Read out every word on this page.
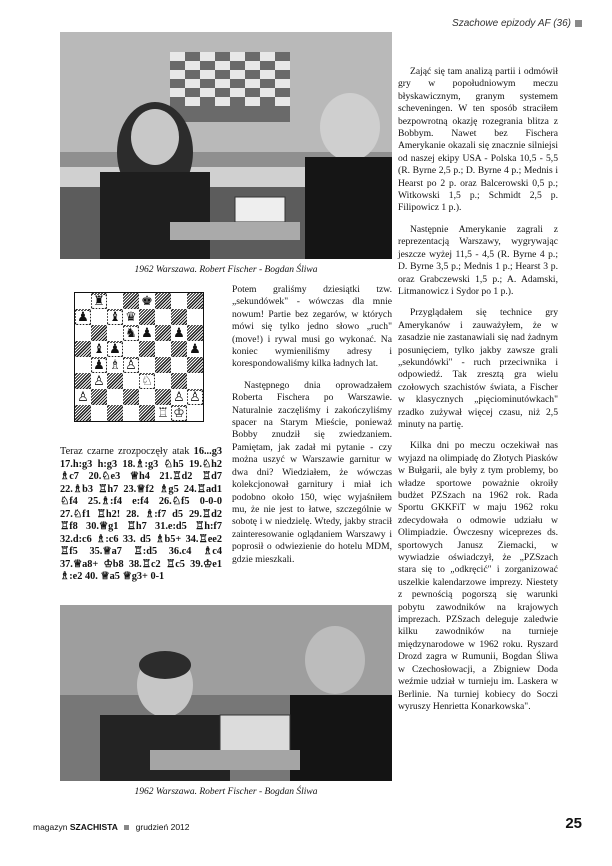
Szachowe epizody AF (36)
Fot. Stefan Wroński
1962 Warszawa. Robert Fischer - Bogdan Śliwa
♜	♚
♟ ♝ ♛
♞ ♟ ♟
♝ ♟	♟
♟ ♗ ♙
♙	♘
♙	♙ ♙
♖ ♔
Teraz czarne zrozpoczęły atak 16...g3 17.h:g3 h:g3 18.♗:g3 ♘h5 19.♘h2 ♗c7 20.♘e3 ♕h4 21.♖d2 ♖d7 22.♗b3 ♖h7 23.♕f2 ♗g5 24.♖ad1 ♘f4 25.♗:f4 e:f4 26.♘f5 0-0-0 27.♘f1 ♖h2! 28. ♗:f7 d5 29.♖d2 ♖f8 30.♕g1 ♖h7 31.e:d5 ♖h:f7 32.d:c6 ♗:c6 33. d5 ♗b5+ 34.♖ee2 ♖f5 35.♕a7 ♖:d5 36.c4 ♗c4 37.♕a8+ ♔b8 38.♖c2 ♖c5 39.♔e1 ♗:e2 40. ♕a5 ♕g3+ 0-1

Potem graliśmy dziesiątki tzw. „sekundówek" - wówczas dla mnie nowum! Partie bez zegarów, w których mówi się tylko jedno słowo „ruch" (move!) i rywal musi go wykonać. Na koniec wymieniliśmy adresy i korespondowaliśmy kilka ładnych lat.

Następnego dnia oprowadzałem Roberta Fischera po Warszawie. Naturalnie zaczęliśmy i zakończyliśmy spacer na Starym Mieście, ponieważ Bobby znudził się zwiedzaniem. Pamiętam, jak zadał mi pytanie - czy można uszyć w Warszawie garnitur w dwa dni? Wiedziałem, że wówczas kolekcjonował garnitury i miał ich podobno około 150, więc wyjaśniłem mu, że nie jest to łatwe, szczególnie w sobotę i w niedzielę. Wtedy, jakby stracił zainteresowanie oglądaniem Warszawy i poprosił o odwiezienie do hotelu MDM, gdzie mieszkali.

1962 Warszawa. Robert Fischer - Bogdan Śliwa

Zająć się tam analizą partii i odmówił gry w popołudniowym meczu błyskawicznym, granym systemem scheveningen. W ten sposób straciłem bezpowrotną okazję rozegrania blitza z Bobbym. Nawet bez Fischera Amerykanie okazali się znacznie silniejsi od naszej ekipy USA - Polska 10,5 - 5,5 (R. Byrne 2,5 p.; D. Byrne 4 p.; Mednis i Hearst po 2 p. oraz Balcerowski 0,5 p.; Witkowski 1,5 p.; Schmidt 2,5 p. Filipowicz 1 p.).

Następnie Amerykanie zagrali z reprezentacją Warszawy, wygrywając jeszcze wyżej 11,5 - 4,5 (R. Byrne 4 p.; D. Byrne 3,5 p.; Mednis 1 p.; Hearst 3 p. oraz Grabczewski 1,5 p.; A. Adamski, Litmanowicz i Sydor po 1 p.).

Przyglądałem się technice gry Amerykanów i zauważyłem, że w zasadzie nie zastanawiali się nad żadnym posunięciem, tylko jakby zawsze grali „sekundówki" - ruch przeciwnika i odpowiedź. Tak zresztą gra wielu czołowych szachistów świata, a Fischer w klasycznych „pięciominutówkach" rzadko zużywał więcej czasu, niż 2,5 minuty na partię.

Kilka dni po meczu oczekiwał nas wyjazd na olimpiadę do Złotych Piasków w Bułgarii, ale były z tym problemy, bo władze sportowe poważnie okroiły budżet PZSzach na 1962 rok. Rada Sportu GKKFiT w maju 1962 roku zdecydowała o odmowie udziału w Olimpiadzie. Ówczesny wiceprezes ds. sportowych Janusz Ziemacki, w wywiadzie oświadczył, że „PZSzach stara się to „odkręcić" i zorganizować uszelkie kalendarzowe imprezy. Niestety z pewnością pogorszą się warunki pobytu zawodników na krajowych imprezach. PZSzach deleguje zaledwie kilku zawodników na turnieje międzynarodowe w 1962 roku. Ryszard Drozd zagra w Rumunii, Bogdan Śliwa w Czechosłowacji, a Zbigniew Doda weźmie udział w turnieju im. Laskera w Berlinie. Na turniej kobiecy do Soczi wyruszy Henrietta Konarkowska".

magazyn SZACHISTA grudzień 2012	25
